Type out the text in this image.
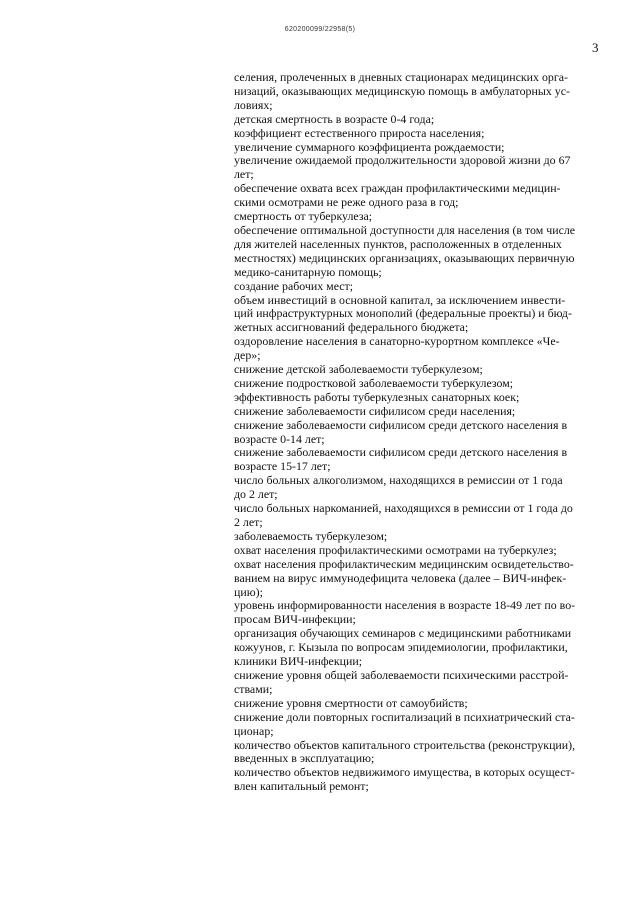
620200099/22958(5)
3
селения, пролеченных в дневных стационарах медицинских орга-
низаций, оказывающих медицинскую помощь в амбулаторных ус-
ловиях;
детская смертность в возрасте 0-4 года;
коэффициент естественного прироста населения;
увеличение суммарного коэффициента рождаемости;
увеличение ожидаемой продолжительности здоровой жизни до 67
лет;
обеспечение охвата всех граждан профилактическими медицин-
скими осмотрами не реже одного раза в год;
смертность от туберкулеза;
обеспечение оптимальной доступности для населения (в том числе
для жителей населенных пунктов, расположенных в отделенных
местностях) медицинских организациях, оказывающих первичную
медико-санитарную помощь;
создание рабочих мест;
объем инвестиций в основной капитал, за исключением инвести-
ций инфраструктурных монополий (федеральные проекты) и бюд-
жетных ассигнований федерального бюджета;
оздоровление населения в санаторно-курортном комплексе «Че-
дер»;
снижение детской заболеваемости туберкулезом;
снижение подростковой заболеваемости туберкулезом;
эффективность работы туберкулезных санаторных коек;
снижение заболеваемости сифилисом среди населения;
снижение заболеваемости сифилисом среди детского населения в
возрасте 0-14 лет;
снижение заболеваемости сифилисом среди детского населения в
возрасте 15-17 лет;
число больных алкоголизмом, находящихся в ремиссии от 1 года
до 2 лет;
число больных наркоманией, находящихся в ремиссии от 1 года до
2 лет;
заболеваемость туберкулезом;
охват населения профилактическими осмотрами на туберкулез;
охват населения профилактическим медицинским освидетельство-
ванием на вирус иммунодефицита человека (далее – ВИЧ-инфек-
цию);
уровень информированности населения в возрасте 18-49 лет по во-
просам ВИЧ-инфекции;
организация обучающих семинаров с медицинскими работниками
кожуунов, г. Кызыла по вопросам эпидемиологии, профилактики,
клиники ВИЧ-инфекции;
снижение уровня общей заболеваемости психическими расстрой-
ствами;
снижение уровня смертности от самоубийств;
снижение доли повторных госпитализаций в психиатрический ста-
ционар;
количество объектов капитального строительства (реконструкции),
введенных в эксплуатацию;
количество объектов недвижимого имущества, в которых осущест-
влен капитальный ремонт;
